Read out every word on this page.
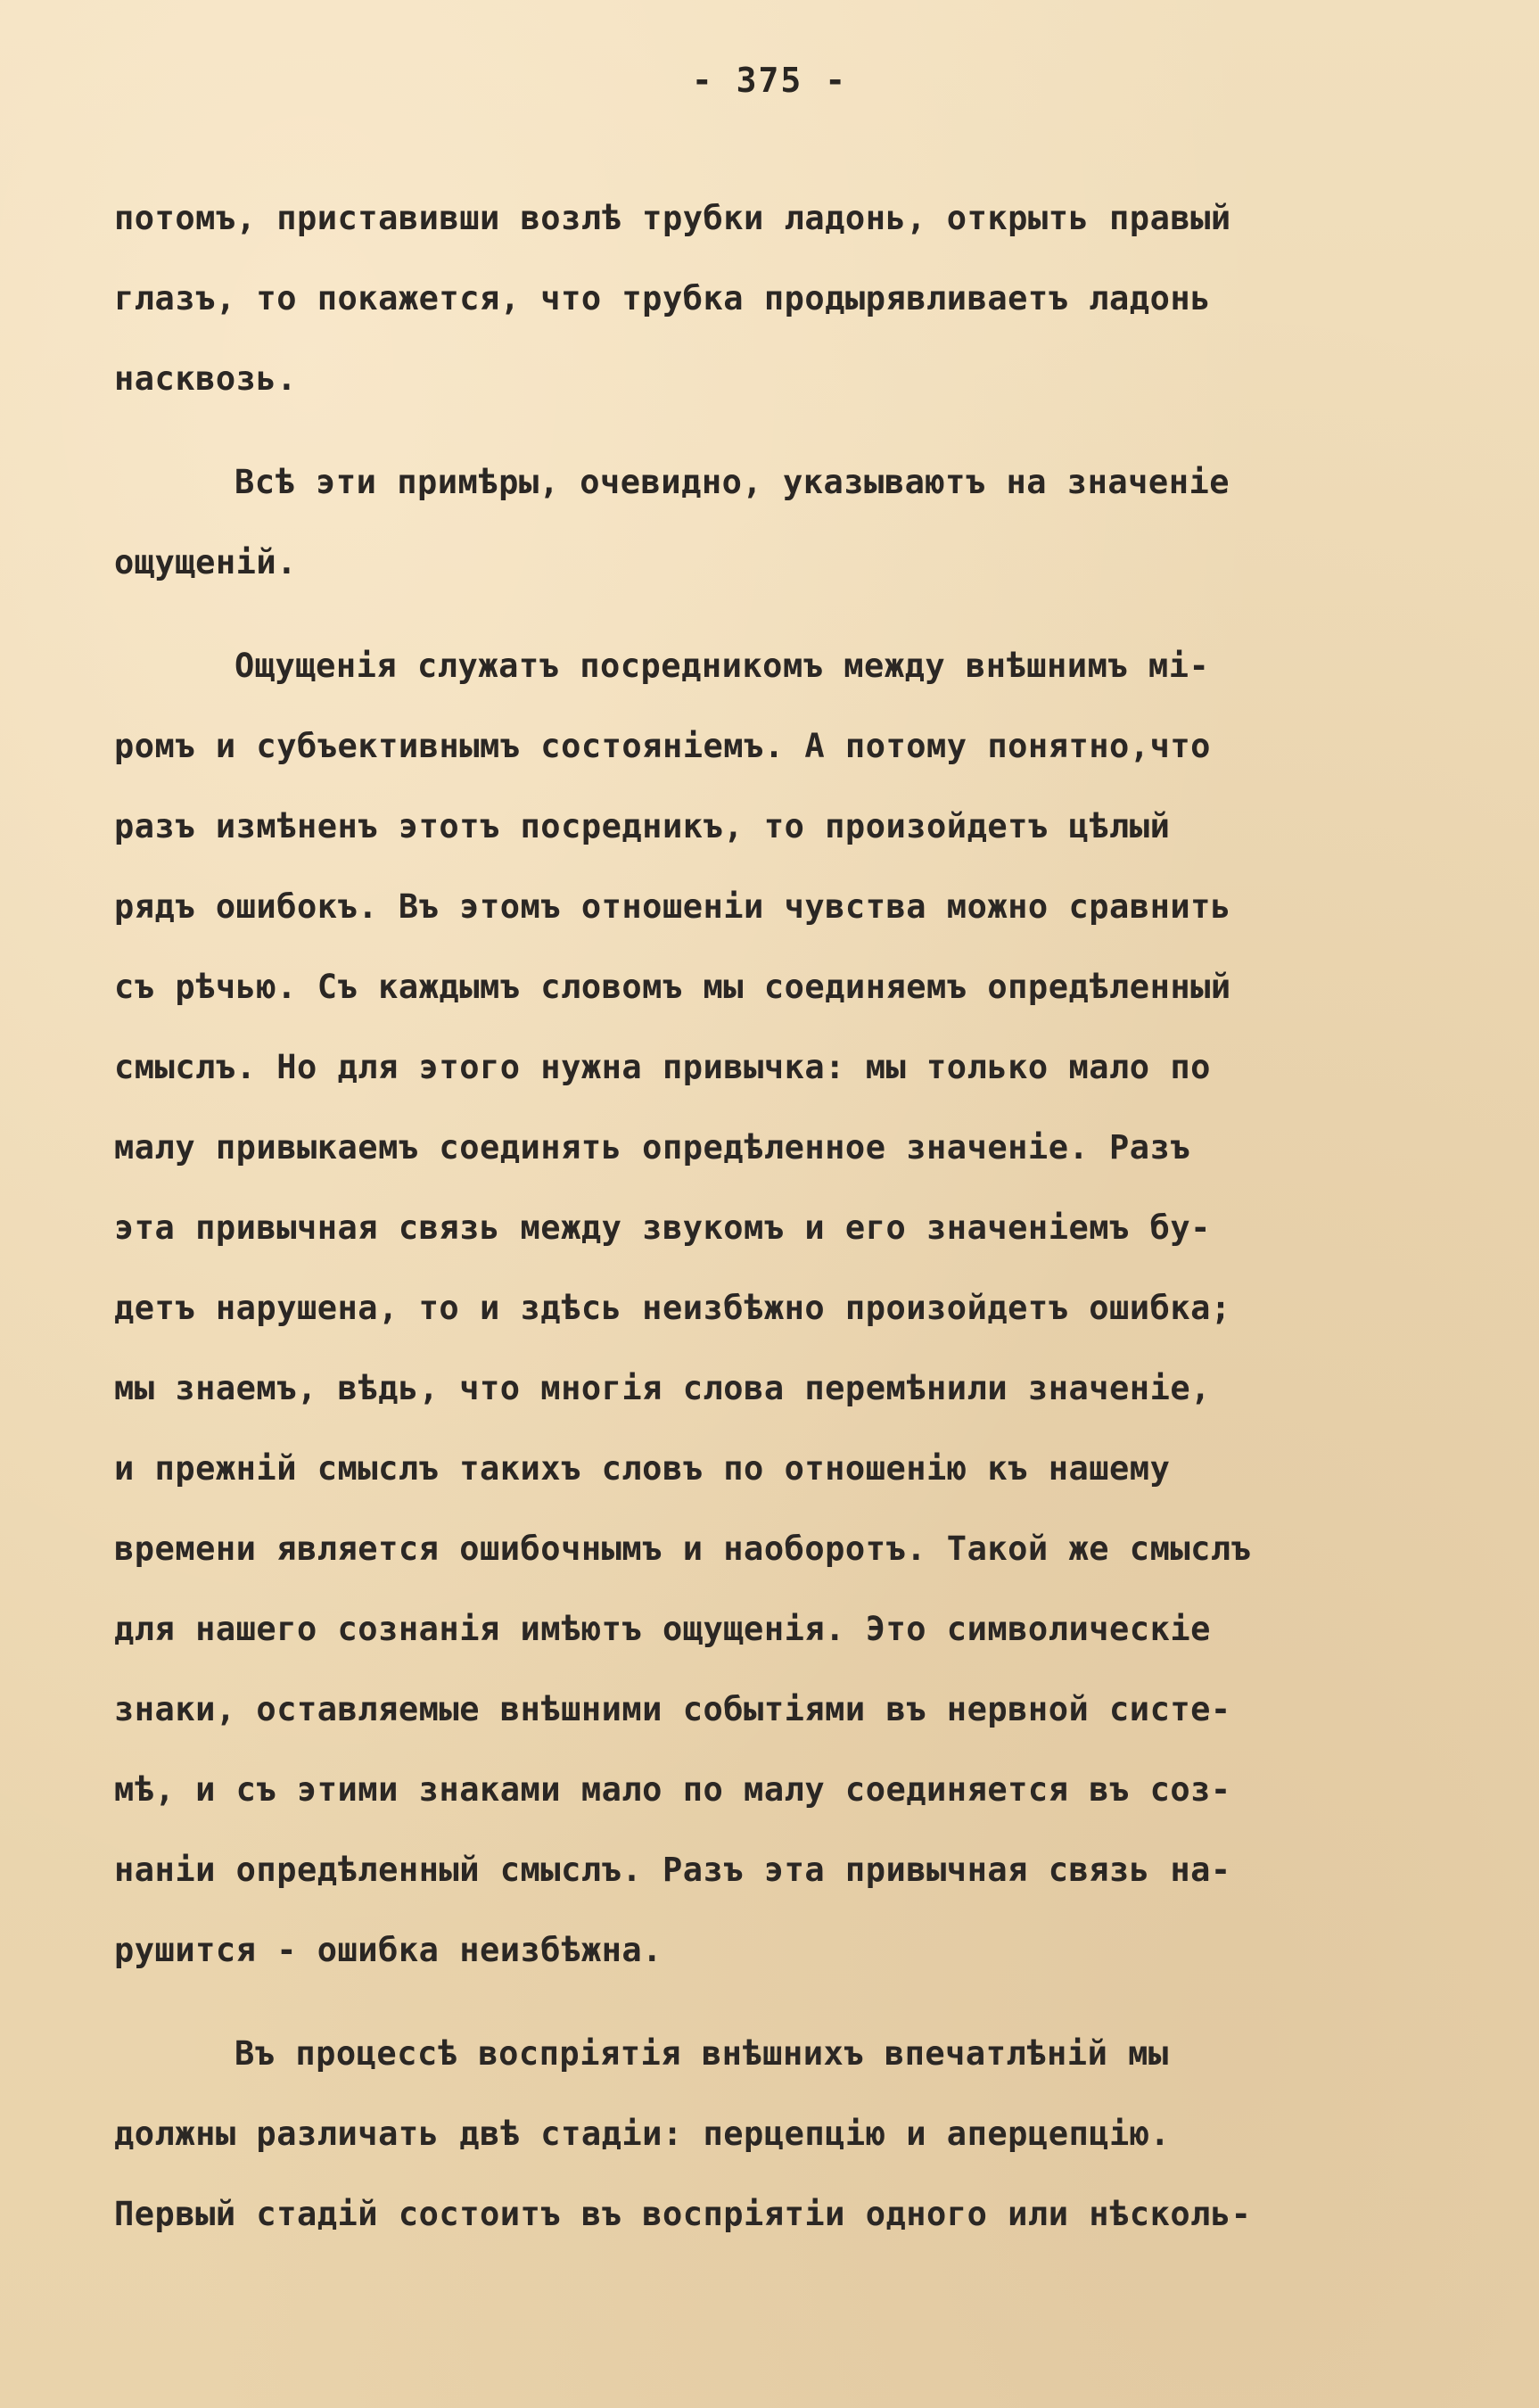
- 375 -
потомъ, приставивши возлѣ трубки ладонь, открыть правый
глазъ, то покажется, что трубка продырявливаетъ ладонь
насквозь.
Всѣ эти примѣры, очевидно, указываютъ на значенiе
ощущенiй.
Ощущенiя служатъ посредникомъ между внѣшнимъ мi-
ромъ и субъективнымъ состоянiемъ. А потому понятно,что
разъ измѣненъ этотъ посредникъ, то произойдетъ цѣлый
рядъ ошибокъ. Въ этомъ отношенiи чувства можно сравнить
съ рѣчью. Съ каждымъ словомъ мы соединяемъ опредѣленный
смыслъ. Но для этого нужна привычка: мы только мало по
малу привыкаемъ соединять опредѣленное значенiе. Разъ
эта привычная связь между звукомъ и его значенiемъ бу-
детъ нарушена, то и здѣсь неизбѣжно произойдетъ ошибка;
мы знаемъ, вѣдь, что многiя слова перемѣнили значенiе,
и прежнiй смыслъ такихъ словъ по отношенiю къ нашему
времени является ошибочнымъ и наоборотъ. Такой же смыслъ
для нашего сознанiя имѣютъ ощущенiя. Это символическiе
знаки, оставляемые внѣшними событiями въ нервной систе-
мѣ, и съ этими знаками мало по малу соединяется въ соз-
нанiи опредѣленный смыслъ. Разъ эта привычная связь на-
рушится - ошибка неизбѣжна.
Въ процессѣ воспрiятiя внѣшнихъ впечатлѣнiй мы
должны различать двѣ стадiи: перцепцiю и аперцепцiю.
Первый стадiй состоитъ въ воспрiятiи одного или нѣсколь-
